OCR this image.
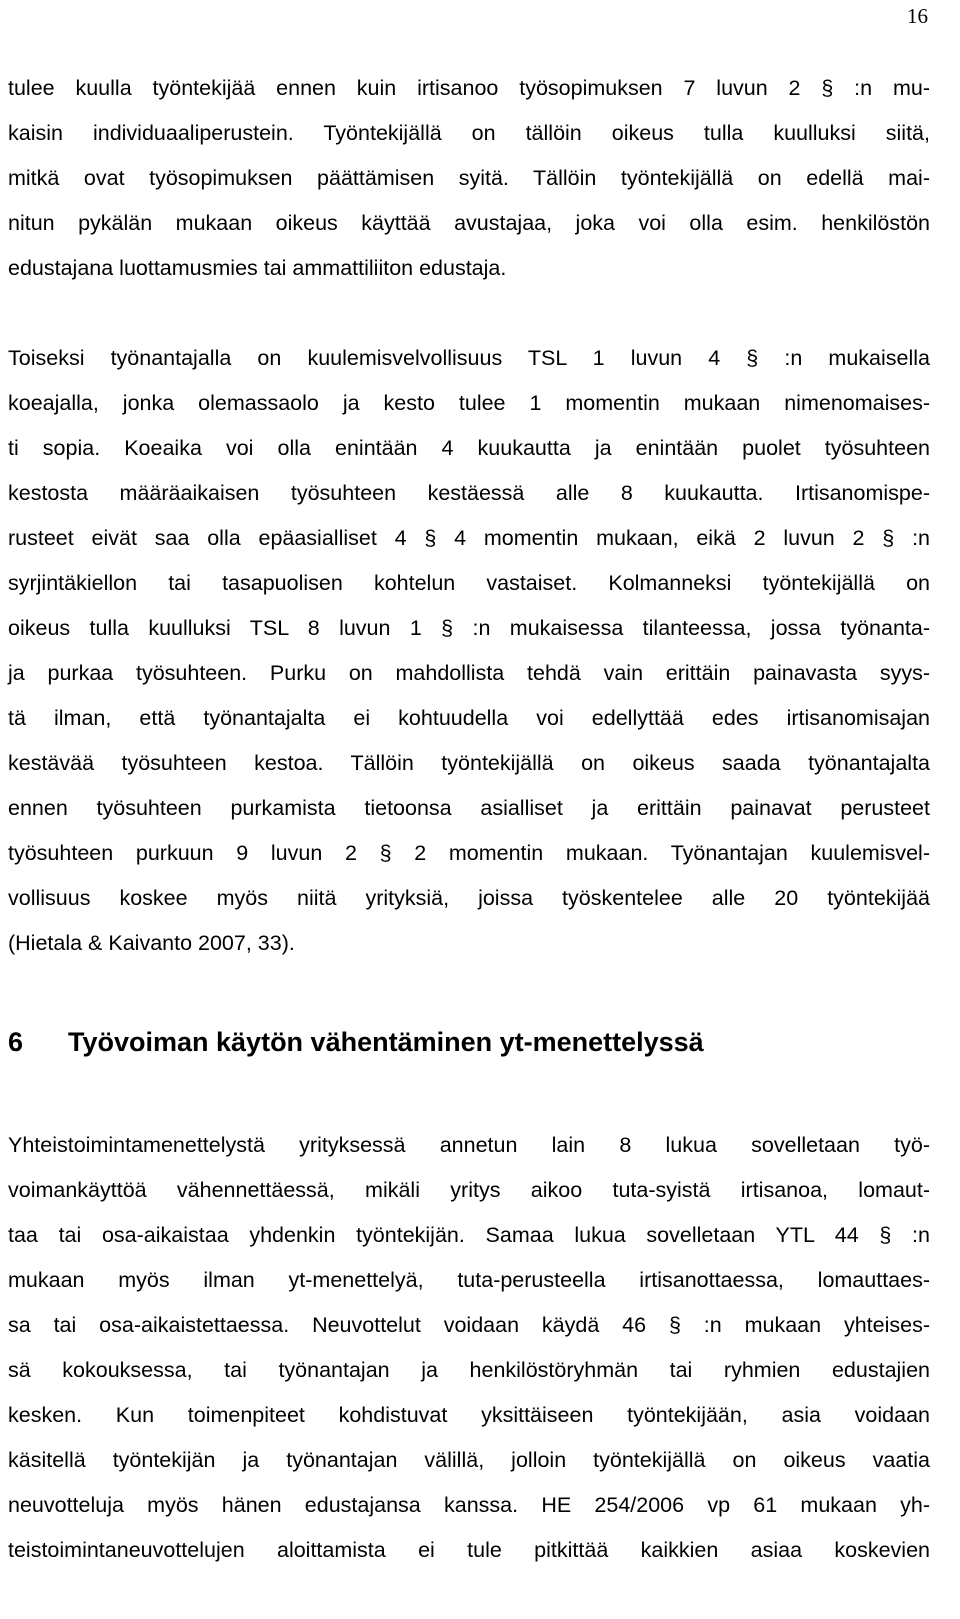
16
tulee kuulla työntekijää ennen kuin irtisanoo työsopimuksen 7 luvun 2 § :n mu-
kaisin individuaaliperustein. Työntekijällä on tällöin oikeus tulla kuulluksi siitä,
mitkä ovat työsopimuksen päättämisen syitä. Tällöin työntekijällä on edellä mai-
nitun pykälän mukaan oikeus käyttää avustajaa, joka voi olla esim. henkilöstön
edustajana luottamusmies tai ammattiliiton edustaja.
Toiseksi työnantajalla on kuulemisvelvollisuus TSL 1 luvun 4 § :n mukaisella
koeajalla, jonka olemassaolo ja kesto tulee 1 momentin mukaan nimenomaises-
ti sopia. Koeaika voi olla enintään 4 kuukautta ja enintään puolet työsuhteen
kestosta määräaikaisen työsuhteen kestäessä alle 8 kuukautta. Irtisanomispe-
rusteet eivät saa olla epäasialliset 4 § 4 momentin mukaan, eikä 2 luvun 2 § :n
syrjintäkiellon tai tasapuolisen kohtelun vastaiset. Kolmanneksi työntekijällä on
oikeus tulla kuulluksi TSL 8 luvun 1 § :n mukaisessa tilanteessa, jossa työnanta-
ja purkaa työsuhteen. Purku on mahdollista tehdä vain erittäin painavasta syys-
tä ilman, että työnantajalta ei kohtuudella voi edellyttää edes irtisanomisajan
kestävää työsuhteen kestoa. Tällöin työntekijällä on oikeus saada työnantajalta
ennen työsuhteen purkamista tietoonsa asialliset ja erittäin painavat perusteet
työsuhteen purkuun 9 luvun 2 § 2 momentin mukaan. Työnantajan kuulemisvel-
vollisuus koskee myös niitä yrityksiä, joissa työskentelee alle 20 työntekijää
(Hietala & Kaivanto 2007, 33).
6 Työvoiman käytön vähentäminen yt-menettelyssä
Yhteistoimintamenettelystä yrityksessä annetun lain 8 lukua sovelletaan työ-
voimankäyttöä vähennettäessä, mikäli yritys aikoo tuta-syistä irtisanoa, lomaut-
taa tai osa-aikaistaa yhdenkin työntekijän. Samaa lukua sovelletaan YTL 44 § :n
mukaan myös ilman yt-menettelyä, tuta-perusteella irtisanottaessa, lomauttaes-
sa tai osa-aikaistettaessa. Neuvottelut voidaan käydä 46 § :n mukaan yhteises-
sä kokouksessa, tai työnantajan ja henkilöstöryhmän tai ryhmien edustajien
kesken. Kun toimenpiteet kohdistuvat yksittäiseen työntekijään, asia voidaan
käsitellä työntekijän ja työnantajan välillä, jolloin työntekijällä on oikeus vaatia
neuvotteluja myös hänen edustajansa kanssa. HE 254/2006 vp 61 mukaan yh-
teistoimintaneuvottelujen aloittamista ei tule pitkittää kaikkien asiaa koskevien
